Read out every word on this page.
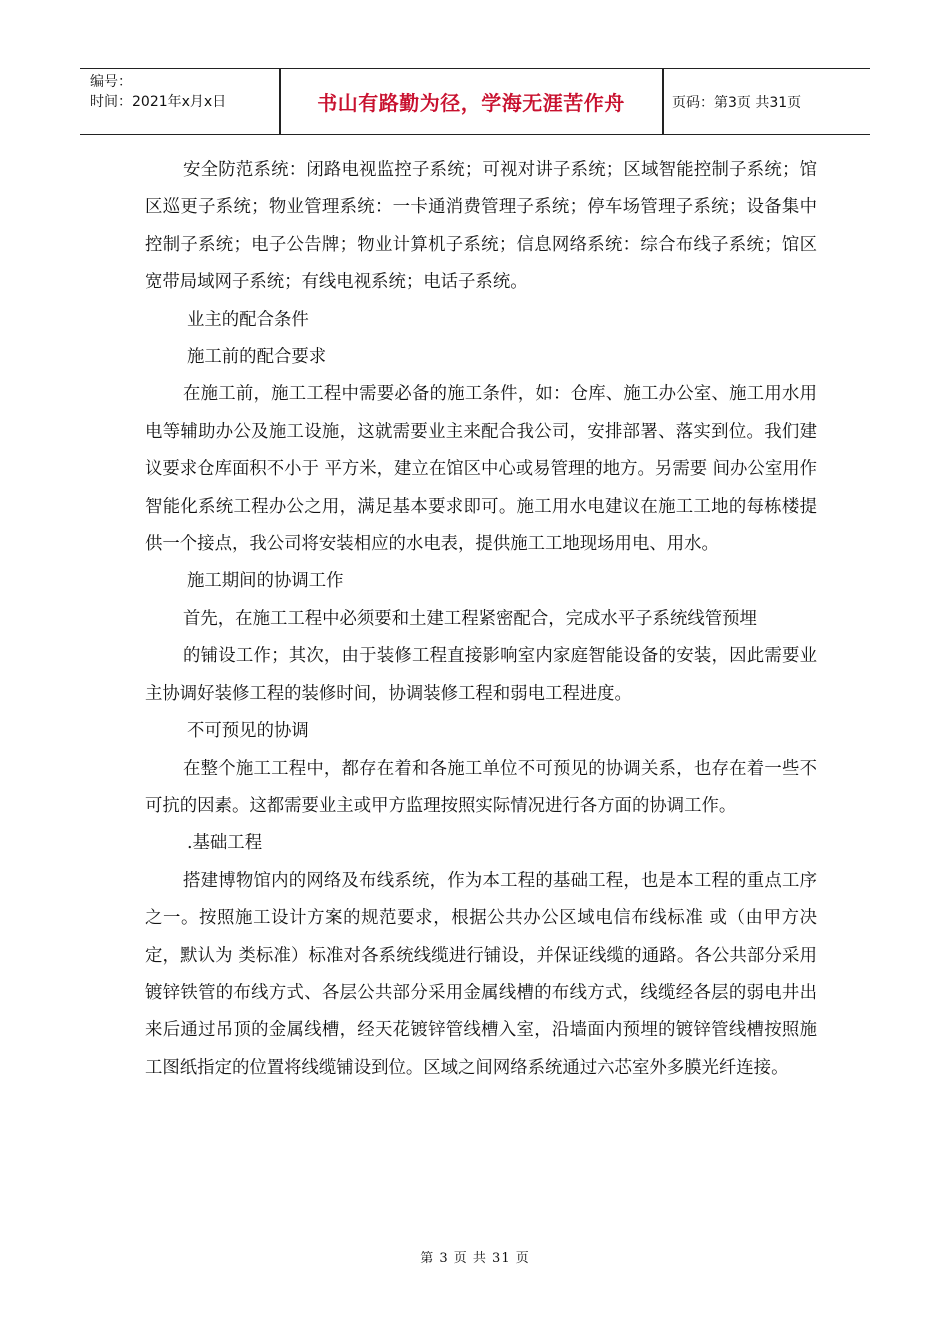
编号：
时间：2021年x月x日	书山有路勤为径，学海无涯苦作舟	页码：第3页 共31页

安全防范系统：闭路电视监控子系统；可视对讲子系统；区域智能控制子系统；馆区巡更子系统；物业管理系统：一卡通消费管理子系统；停车场管理子系统；设备集中控制子系统；电子公告牌；物业计算机子系统；信息网络系统：综合布线子系统；馆区宽带局域网子系统；有线电视系统；电话子系统。

业主的配合条件

施工前的配合要求

在施工前，施工工程中需要必备的施工条件，如：仓库、施工办公室、施工用水用电等辅助办公及施工设施，这就需要业主来配合我公司，安排部署、落实到位。我们建议要求仓库面积不小于 平方米，建立在馆区中心或易管理的地方。另需要 间办公室用作智能化系统工程办公之用，满足基本要求即可。施工用水电建议在施工工地的每栋楼提供一个接点，我公司将安装相应的水电表，提供施工工地现场用电、用水。

施工期间的协调工作

首先，在施工工程中必须要和土建工程紧密配合，完成水平子系统线管预埋

的铺设工作；其次，由于装修工程直接影响室内家庭智能设备的安装，因此需要业主协调好装修工程的装修时间，协调装修工程和弱电工程进度。

不可预见的协调

在整个施工工程中，都存在着和各施工单位不可预见的协调关系，也存在着一些不可抗的因素。这都需要业主或甲方监理按照实际情况进行各方面的协调工作。

.基础工程

搭建博物馆内的网络及布线系统，作为本工程的基础工程，也是本工程的重点工序之一。按照施工设计方案的规范要求，根据公共办公区域电信布线标准 或（由甲方决定，默认为 类标准）标准对各系统线缆进行铺设，并保证线缆的通路。各公共部分采用镀锌铁管的布线方式、各层公共部分采用金属线槽的布线方式，线缆经各层的弱电井出来后通过吊顶的金属线槽，经天花镀锌管线槽入室，沿墙面内预埋的镀锌管线槽按照施工图纸指定的位置将线缆铺设到位。区域之间网络系统通过六芯室外多膜光纤连接。

第 3 页 共 31 页
